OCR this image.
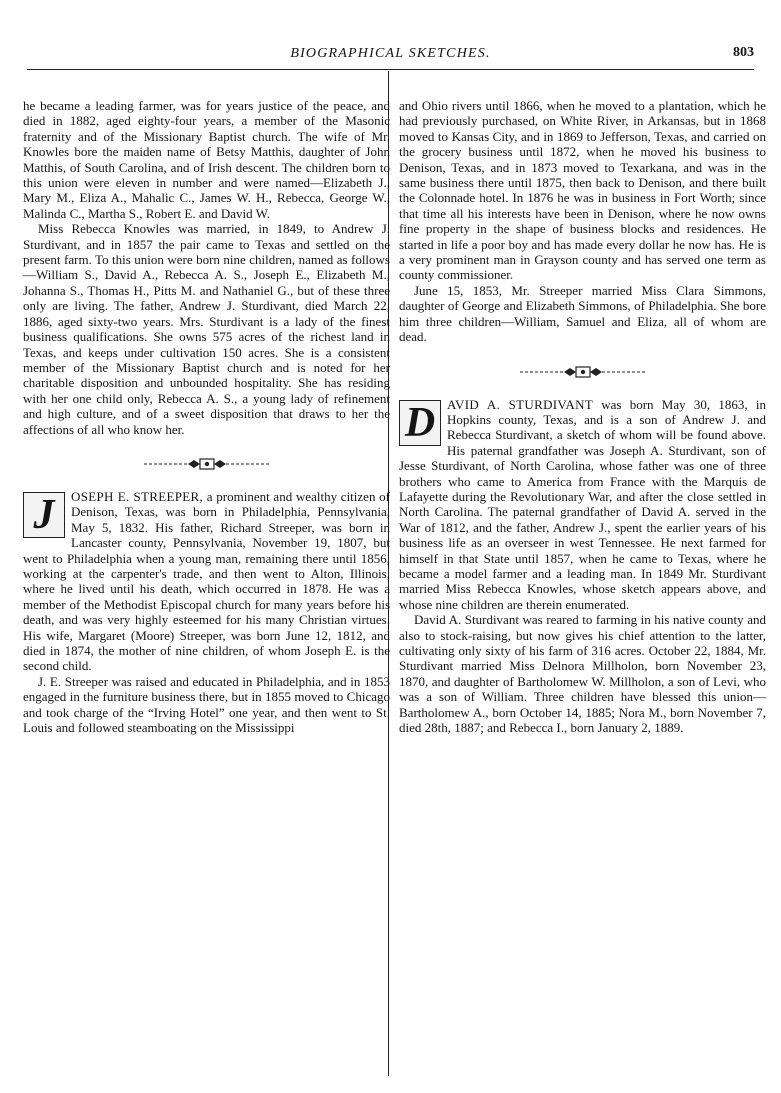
BIOGRAPHICAL SKETCHES.	803

he became a leading farmer, was for years justice of the peace, and died in 1882, aged eighty-four years, a member of the Masonic fraternity and of the Missionary Baptist church. The wife of Mr. Knowles bore the maiden name of Betsy Matthis, daughter of John Matthis, of South Carolina, and of Irish descent. The children born to this union were eleven in number and were named—Elizabeth J., Mary M., Eliza A., Mahalic C., James W. H., Rebecca, George W., Malinda C., Martha S., Robert E. and David W.

Miss Rebecca Knowles was married, in 1849, to Andrew J. Sturdivant, and in 1857 the pair came to Texas and settled on the present farm. To this union were born nine children, named as follows—William S., David A., Rebecca A. S., Joseph E., Elizabeth M., Johanna S., Thomas H., Pitts M. and Nathaniel G., but of these three only are living. The father, Andrew J. Sturdivant, died March 22, 1886, aged sixty-two years. Mrs. Sturdivant is a lady of the finest business qualifications. She owns 575 acres of the richest land in Texas, and keeps under cultivation 150 acres. She is a consistent member of the Missionary Baptist church and is noted for her charitable disposition and unbounded hospitality. She has residing with her one child only, Rebecca A. S., a young lady of refinement and high culture, and of a sweet disposition that draws to her the affections of all who know her.

J	OSEPH E. STREEPER, a prominent and wealthy citizen of Denison, Texas, was born in Philadelphia, Pennsylvania, May 5, 1832. His father, Richard Streeper, was born in Lancaster county, Pennsylvania, November 19, 1807, but went to Philadelphia when a young man, remaining there until 1856, working at the carpenter's trade, and then went to Alton, Illinois, where he lived until his death, which occurred in 1878. He was a member of the Methodist Episcopal church for many years before his death, and was very highly esteemed for his many Christian virtues. His wife, Margaret (Moore) Streeper, was born June 12, 1812, and died in 1874, the mother of nine children, of whom Joseph E. is the second child.

J. E. Streeper was raised and educated in Philadelphia, and in 1853 engaged in the furniture business there, but in 1855 moved to Chicago and took charge of the “Irving Hotel” one year, and then went to St. Louis and followed steamboating on the Mississippi

and Ohio rivers until 1866, when he moved to a plantation, which he had previously purchased, on White River, in Arkansas, but in 1868 moved to Kansas City, and in 1869 to Jefferson, Texas, and carried on the grocery business until 1872, when he moved his business to Denison, Texas, and in 1873 moved to Texarkana, and was in the same business there until 1875, then back to Denison, and there built the Colonnade hotel. In 1876 he was in business in Fort Worth; since that time all his interests have been in Denison, where he now owns fine property in the shape of business blocks and residences. He started in life a poor boy and has made every dollar he now has. He is a very prominent man in Grayson county and has served one term as county commissioner.

June 15, 1853, Mr. Streeper married Miss Clara Simmons, daughter of George and Elizabeth Simmons, of Philadelphia. She bore him three children—William, Samuel and Eliza, all of whom are dead.

D AVID A. STURDIVANT was born May 30, 1863, in Hopkins county, Texas, and is a son of Andrew J. and Rebecca Sturdivant, a sketch of whom will be found above. His paternal grandfather was Joseph A. Sturdivant, son of Jesse Sturdivant, of North Carolina, whose father was one of three brothers who came to America from France with the Marquis de Lafayette during the Revolutionary War, and after the close settled in North Carolina. The paternal grandfather of David A. served in the War of 1812, and the father, Andrew J., spent the earlier years of his business life as an overseer in west Tennessee. He next farmed for himself in that State until 1857, when he came to Texas, where he became a model farmer and a leading man. In 1849 Mr. Sturdivant married Miss Rebecca Knowles, whose sketch appears above, and whose nine children are therein enumerated.

David A. Sturdivant was reared to farming in his native county and also to stock-raising, but now gives his chief attention to the latter, cultivating only sixty of his farm of 316 acres. October 22, 1884, Mr. Sturdivant married Miss Delnora Millholon, born November 23, 1870, and daughter of Bartholomew W. Millholon, a son of Levi, who was a son of William. Three children have blessed this union—Bartholomew A., born October 14, 1885; Nora M., born November 7, died 28th, 1887; and Rebecca I., born January 2, 1889.
